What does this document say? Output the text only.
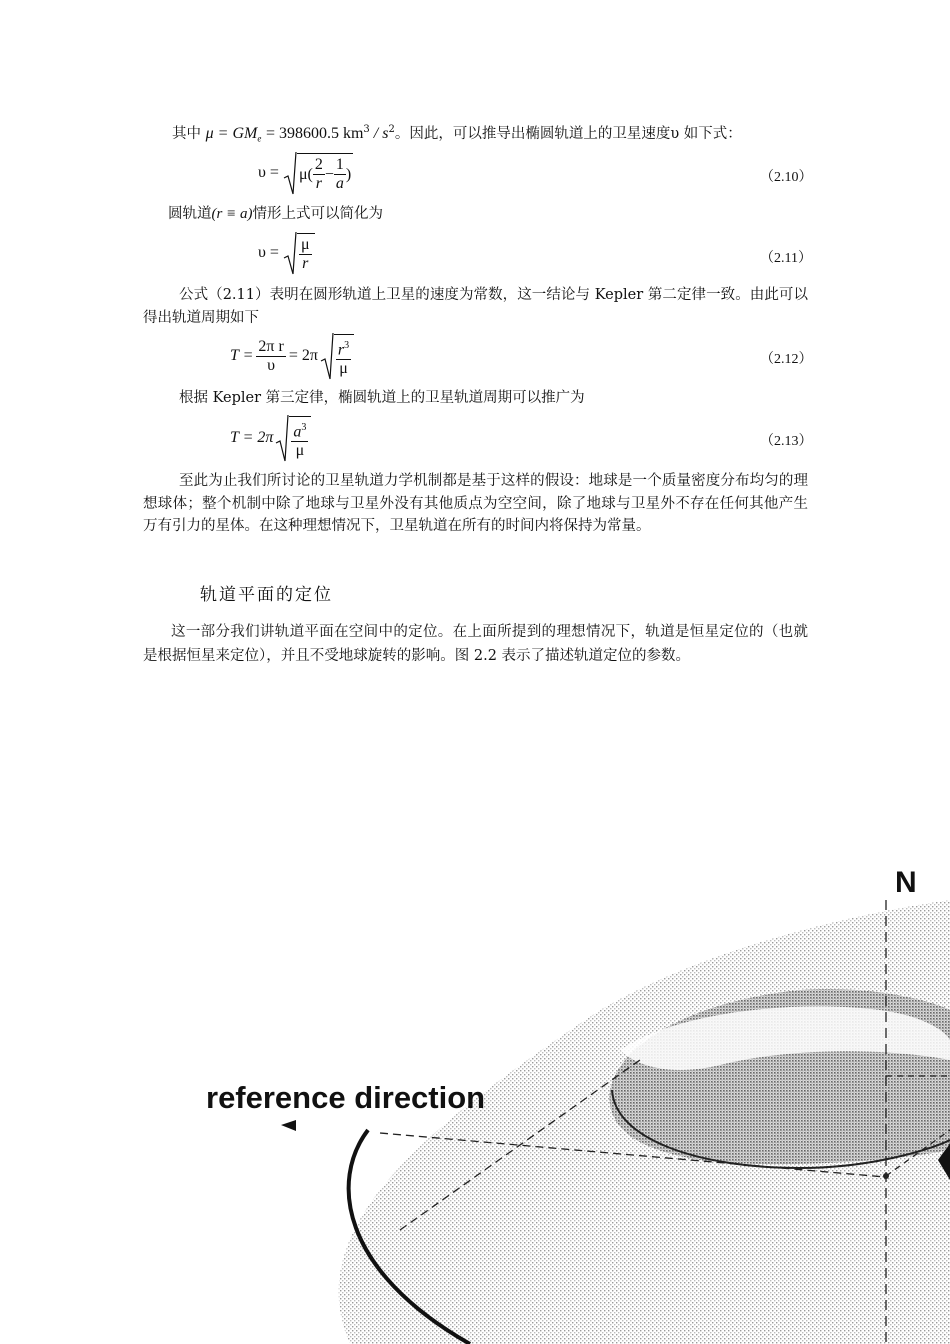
其中 $\mu = GM_e = 398600.5$ $km^3 / s^2$。因此，可以推导出椭圆轨道上的卫星速度υ 如下式：
$\upsilon = \mu( \frac{2}{r} - \frac{1}{a}$ )	（2.10）
圆轨道(r ≡ a)情形上式可以简化为
$\upsilon = \frac{\mu}{r}$	（2.11）
公式（2.11）表明在圆形轨道上卫星的速度为常数，这一结论与 Kepler 第二定律一致。由此可以得出轨道周期如下
$T = \frac{\text{2π r}}{\upsilon} = 2\pi \frac{r^3}{\mu}$	（2.12）
根据 Kepler 第三定律，椭圆轨道上的卫星轨道周期可以推广为
$T = 2\pi \frac{a^3}{\mu}$	（2.13）
至此为止我们所讨论的卫星轨道力学机制都是基于这样的假设：地球是一个质量密度分布均匀的理想球体；整个机制中除了地球与卫星外没有其他质点为空空间，除了地球与卫星外不存在任何其他产生万有引力的星体。在这种理想情况下，卫星轨道在所有的时间内将保持为常量。
轨道平面的定位
这一部分我们讲轨道平面在空间中的定位。在上面所提到的理想情况下，轨道是恒星定位的（也就是根据恒星来定位），并且不受地球旋转的影响。图 2.2 表示了描述轨道定位的参数。
reference direction
N
